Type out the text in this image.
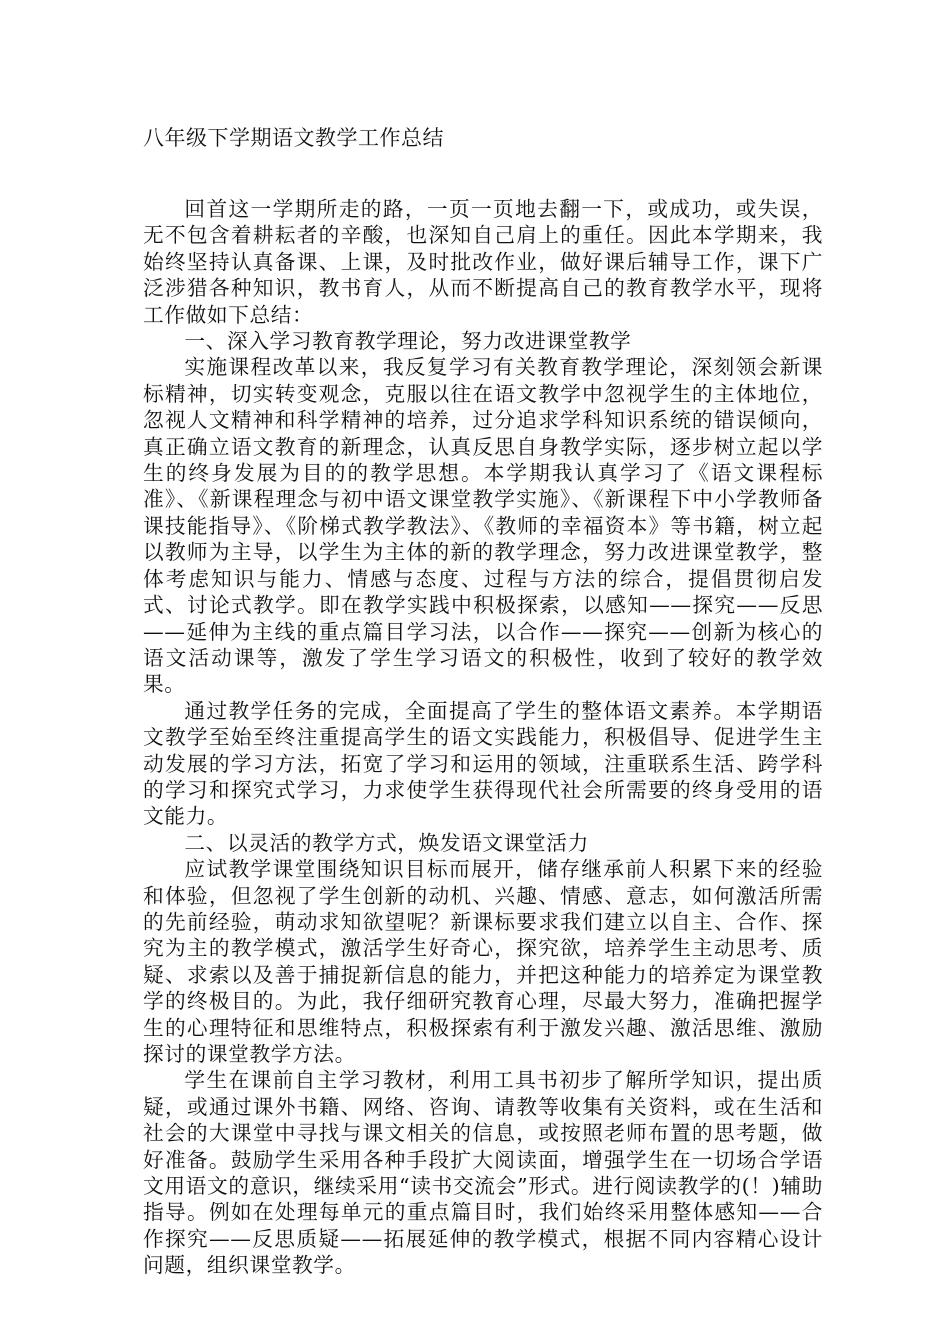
八年级下学期语文教学工作总结

回首这一学期所走的路，一页一页地去翻一下，或成功，或失误，无不包含着耕耘者的辛酸，也深知自己肩上的重任。因此本学期来，我始终坚持认真备课、上课，及时批改作业，做好课后辅导工作，课下广泛涉猎各种知识，教书育人，从而不断提高自己的教育教学水平，现将工作做如下总结：

一、深入学习教育教学理论，努力改进课堂教学

实施课程改革以来，我反复学习有关教育教学理论，深刻领会新课标精神，切实转变观念，克服以往在语文教学中忽视学生的主体地位，忽视人文精神和科学精神的培养，过分追求学科知识系统的错误倾向，真正确立语文教育的新理念，认真反思自身教学实际，逐步树立起以学生的终身发展为目的的教学思想。本学期我认真学习了《语文课程标准》、《新课程理念与初中语文课堂教学实施》、《新课程下中小学教师备课技能指导》、《阶梯式教学教法》、《教师的幸福资本》等书籍，树立起以教师为主导，以学生为主体的新的教学理念，努力改进课堂教学，整体考虑知识与能力、情感与态度、过程与方法的综合，提倡贯彻启发式、讨论式教学。即在教学实践中积极探索，以感知——探究——反思——延伸为主线的重点篇目学习法，以合作——探究——创新为核心的语文活动课等，激发了学生学习语文的积极性，收到了较好的教学效果。

通过教学任务的完成，全面提高了学生的整体语文素养。本学期语文教学至始至终注重提高学生的语文实践能力，积极倡导、促进学生主动发展的学习方法，拓宽了学习和运用的领域，注重联系生活、跨学科的学习和探究式学习，力求使学生获得现代社会所需要的终身受用的语文能力。

二、以灵活的教学方式，焕发语文课堂活力

应试教学课堂围绕知识目标而展开，储存继承前人积累下来的经验和体验，但忽视了学生创新的动机、兴趣、情感、意志，如何激活所需的先前经验，萌动求知欲望呢？新课标要求我们建立以自主、合作、探究为主的教学模式，激活学生好奇心，探究欲，培养学生主动思考、质疑、求索以及善于捕捉新信息的能力，并把这种能力的培养定为课堂教学的终极目的。为此，我仔细研究教育心理，尽最大努力，准确把握学生的心理特征和思维特点，积极探索有利于激发兴趣、激活思维、激励探讨的课堂教学方法。

学生在课前自主学习教材，利用工具书初步了解所学知识，提出质疑，或通过课外书籍、网络、咨询、请教等收集有关资料，或在生活和社会的大课堂中寻找与课文相关的信息，或按照老师布置的思考题，做好准备。鼓励学生采用各种手段扩大阅读面，增强学生在一切场合学语文用语文的意识，继续采用“读书交流会”形式。进行阅读教学的(！)辅助指导。例如在处理每单元的重点篇目时，我们始终采用整体感知——合作探究——反思质疑——拓展延伸的教学模式，根据不同内容精心设计问题，组织课堂教学。
